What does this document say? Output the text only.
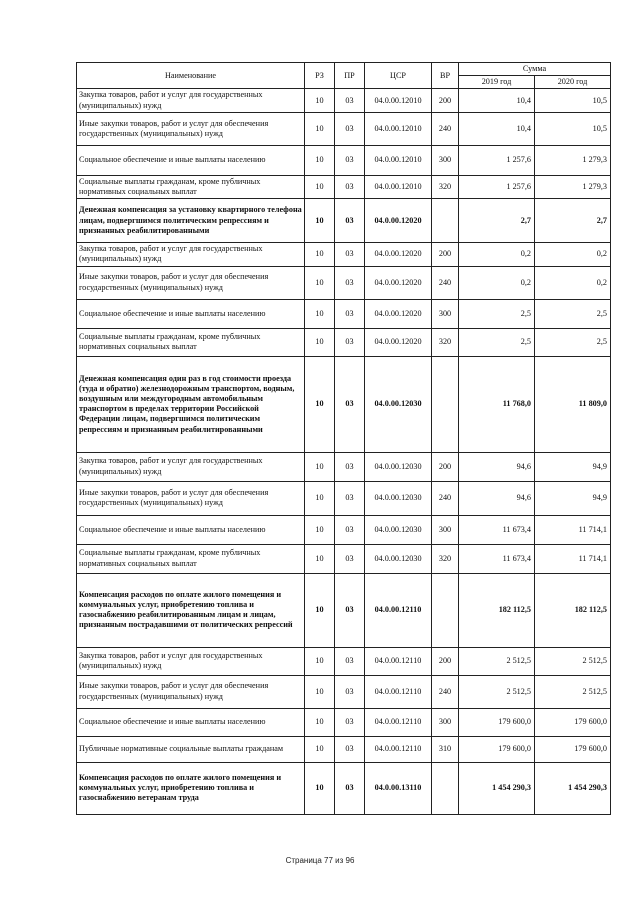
Наименование	РЗ	ПР	ЦСР	ВР	Сумма	
					2019 год	2020 год
Закупка товаров, работ и услуг для государственных (муниципальных) нужд	10	03	04.0.00.12010	200	10,4	10,5
Иные закупки товаров, работ и услуг для обеспечения государственных (муниципальных) нужд	10	03	04.0.00.12010	240	10,4	10,5
Социальное обеспечение и иные выплаты населению	10	03	04.0.00.12010	300	1 257,6	1 279,3
Социальные выплаты гражданам, кроме публичных нормативных социальных выплат	10	03	04.0.00.12010	320	1 257,6	1 279,3
Денежная компенсация за установку квартирного телефона лицам, подвергшимся политическим репрессиям и признанных реабилитированными	10	03	04.0.00.12020		2,7	2,7
Закупка товаров, работ и услуг для государственных (муниципальных) нужд	10	03	04.0.00.12020	200	0,2	0,2
Иные закупки товаров, работ и услуг для обеспечения государственных (муниципальных) нужд	10	03	04.0.00.12020	240	0,2	0,2
Социальное обеспечение и иные выплаты населению	10	03	04.0.00.12020	300	2,5	2,5
Социальные выплаты гражданам, кроме публичных нормативных социальных выплат	10	03	04.0.00.12020	320	2,5	2,5
Денежная компенсация один раз в год стоимости проезда (туда и обратно) железнодорожным транспортом, водным, воздушным или междугородным автомобильным транспортом в пределах территории Российской Федерации лицам, подвергшимся политическим репрессиям и признанным реабилитированными	10	03	04.0.00.12030		11 768,0	11 809,0
Закупка товаров, работ и услуг для государственных (муниципальных) нужд	10	03	04.0.00.12030	200	94,6	94,9
Иные закупки товаров, работ и услуг для обеспечения государственных (муниципальных) нужд	10	03	04.0.00.12030	240	94,6	94,9
Социальное обеспечение и иные выплаты населению	10	03	04.0.00.12030	300	11 673,4	11 714,1
Социальные выплаты гражданам, кроме публичных нормативных социальных выплат	10	03	04.0.00.12030	320	11 673,4	11 714,1
Компенсация расходов по оплате жилого помещения и коммунальных услуг, приобретению топлива и газоснабжению реабилитированным лицам и лицам, признанным пострадавшими от политических репрессий	10	03	04.0.00.12110		182 112,5	182 112,5
Закупка товаров, работ и услуг для государственных (муниципальных) нужд	10	03	04.0.00.12110	200	2 512,5	2 512,5
Иные закупки товаров, работ и услуг для обеспечения государственных (муниципальных) нужд	10	03	04.0.00.12110	240	2 512,5	2 512,5
Социальное обеспечение и иные выплаты населению	10	03	04.0.00.12110	300	179 600,0	179 600,0
Публичные нормативные социальные выплаты гражданам	10	03	04.0.00.12110	310	179 600,0	179 600,0
Компенсация расходов по оплате жилого помещения и коммунальных услуг, приобретению топлива и газоснабжению ветеранам труда	10	03	04.0.00.13110		1 454 290,3	1 454 290,3
Страница 77 из 96
